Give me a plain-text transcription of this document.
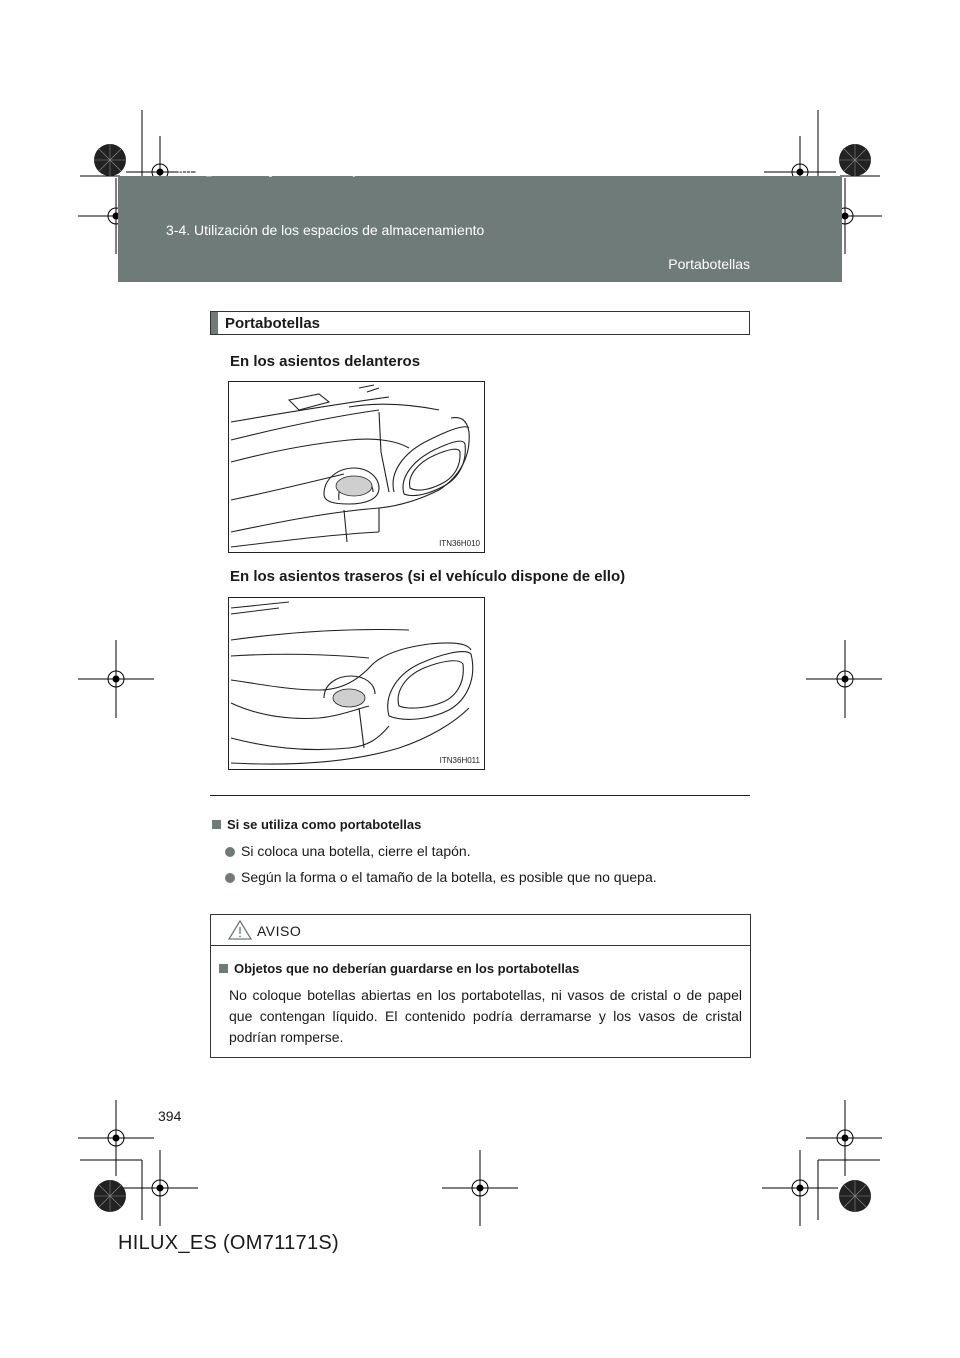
HILUX_ES.book Page 394 Wednesday, March 23, 2011 4:15 PM
3-4. Utilización de los espacios de almacenamiento
Portabotellas
Portabotellas
En los asientos delanteros
ITN36H010
En los asientos traseros (si el vehículo dispone de ello)
ITN36H011
Si se utiliza como portabotellas
Si coloca una botella, cierre el tapón.
Según la forma o el tamaño de la botella, es posible que no quepa.
AVISO
Objetos que no deberían guardarse en los portabotellas
No coloque botellas abiertas en los portabotellas, ni vasos de cristal o de papel que contengan líquido. El contenido podría derramarse y los vasos de cristal podrían romperse.
394
HILUX_ES (OM71171S)
